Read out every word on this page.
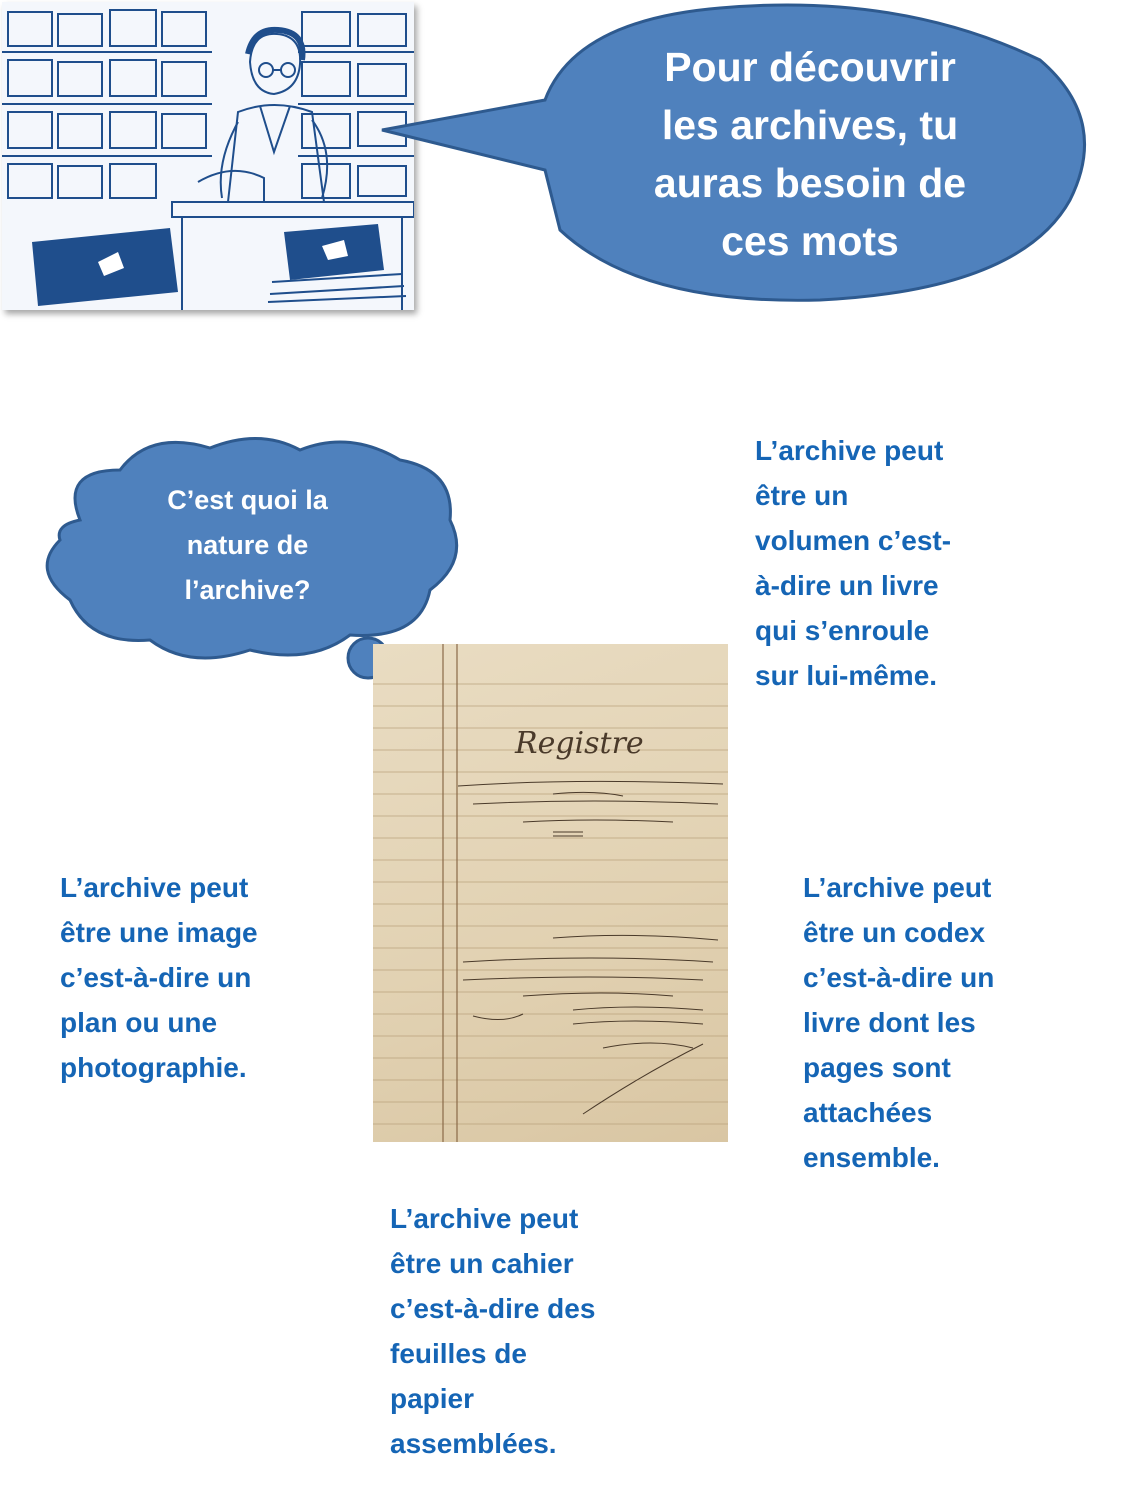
Pour découvrir
les archives, tu
auras besoin de
ces mots
C’est quoi la
nature de
l’archive?
L’archive peut
être un
volumen c’est-
à-dire un livre
qui s’enroule
sur lui-même.
Registre
L’archive peut
être une image
c’est-à-dire un
plan ou une
photographie.
L’archive peut
être un codex
c’est-à-dire un
livre dont les
pages sont
attachées
ensemble.
L’archive peut
être un cahier
c’est-à-dire des
feuilles de
papier
assemblées.
